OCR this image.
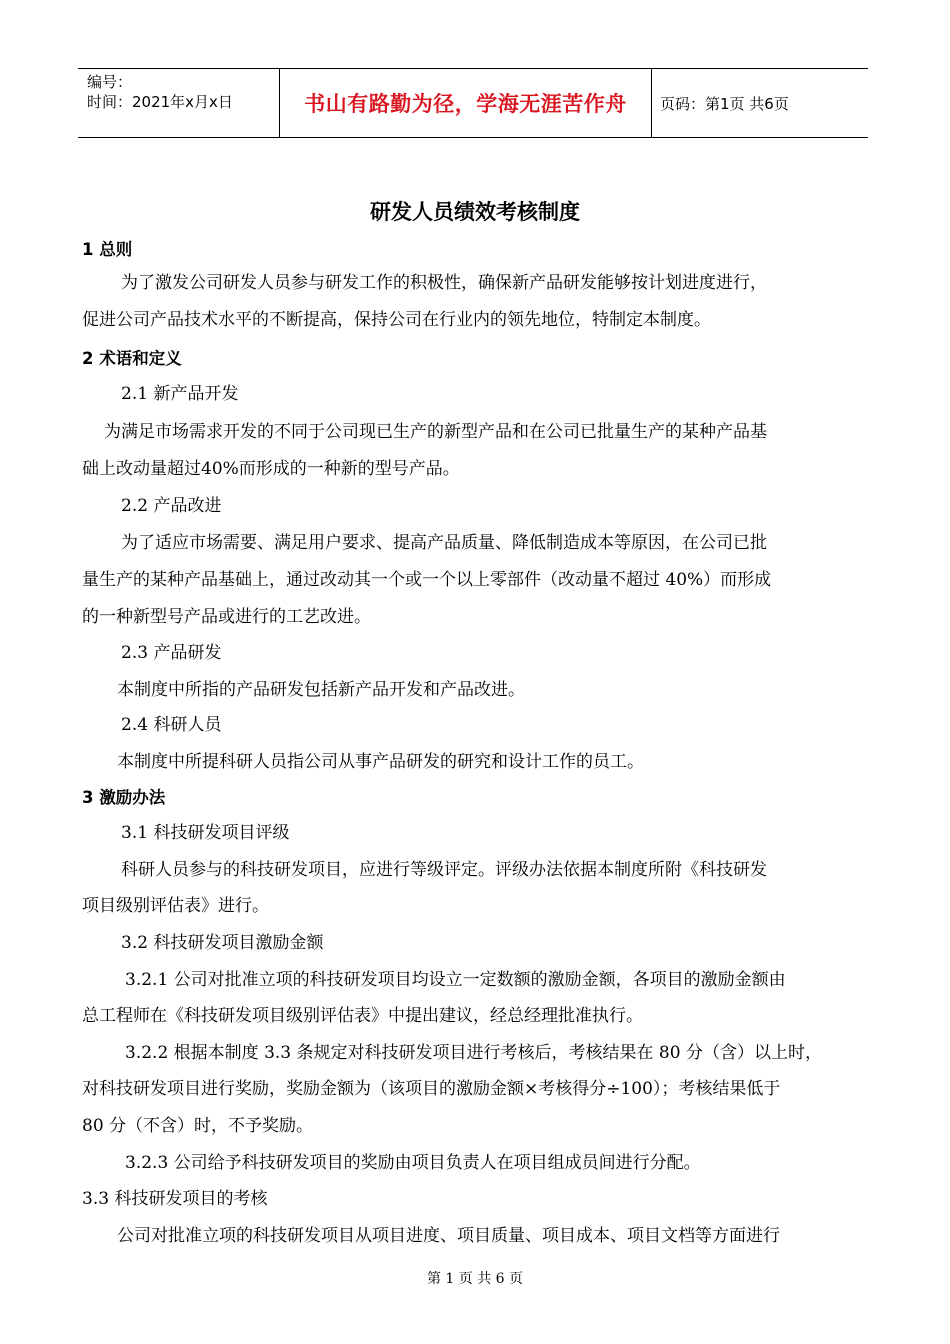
编号：
时间：2021年x月x日	书山有路勤为径，学海无涯苦作舟	页码：第1页 共6页
研发人员绩效考核制度
1 总则
为了激发公司研发人员参与研发工作的积极性，确保新产品研发能够按计划进度进行，
促进公司产品技术水平的不断提高，保持公司在行业内的领先地位，特制定本制度。
2 术语和定义
2.1 新产品开发
为满足市场需求开发的不同于公司现已生产的新型产品和在公司已批量生产的某种产品基
础上改动量超过40%而形成的一种新的型号产品。
2.2 产品改进
为了适应市场需要、满足用户要求、提高产品质量、降低制造成本等原因，在公司已批
量生产的某种产品基础上，通过改动其一个或一个以上零部件（改动量不超过 40%）而形成
的一种新型号产品或进行的工艺改进。
2.3 产品研发
本制度中所指的产品研发包括新产品开发和产品改进。
2.4 科研人员
本制度中所提科研人员指公司从事产品研发的研究和设计工作的员工。
3 激励办法
3.1 科技研发项目评级
科研人员参与的科技研发项目，应进行等级评定。评级办法依据本制度所附《科技研发
项目级别评估表》进行。
3.2 科技研发项目激励金额
3.2.1 公司对批准立项的科技研发项目均设立一定数额的激励金额，各项目的激励金额由
总工程师在《科技研发项目级别评估表》中提出建议，经总经理批准执行。
3.2.2 根据本制度 3.3 条规定对科技研发项目进行考核后，考核结果在 80 分（含）以上时，
对科技研发项目进行奖励，奖励金额为（该项目的激励金额×考核得分÷100）；考核结果低于
80 分（不含）时，不予奖励。
3.2.3 公司给予科技研发项目的奖励由项目负责人在项目组成员间进行分配。
3.3 科技研发项目的考核
公司对批准立项的科技研发项目从项目进度、项目质量、项目成本、项目文档等方面进行
第 1 页 共 6 页
